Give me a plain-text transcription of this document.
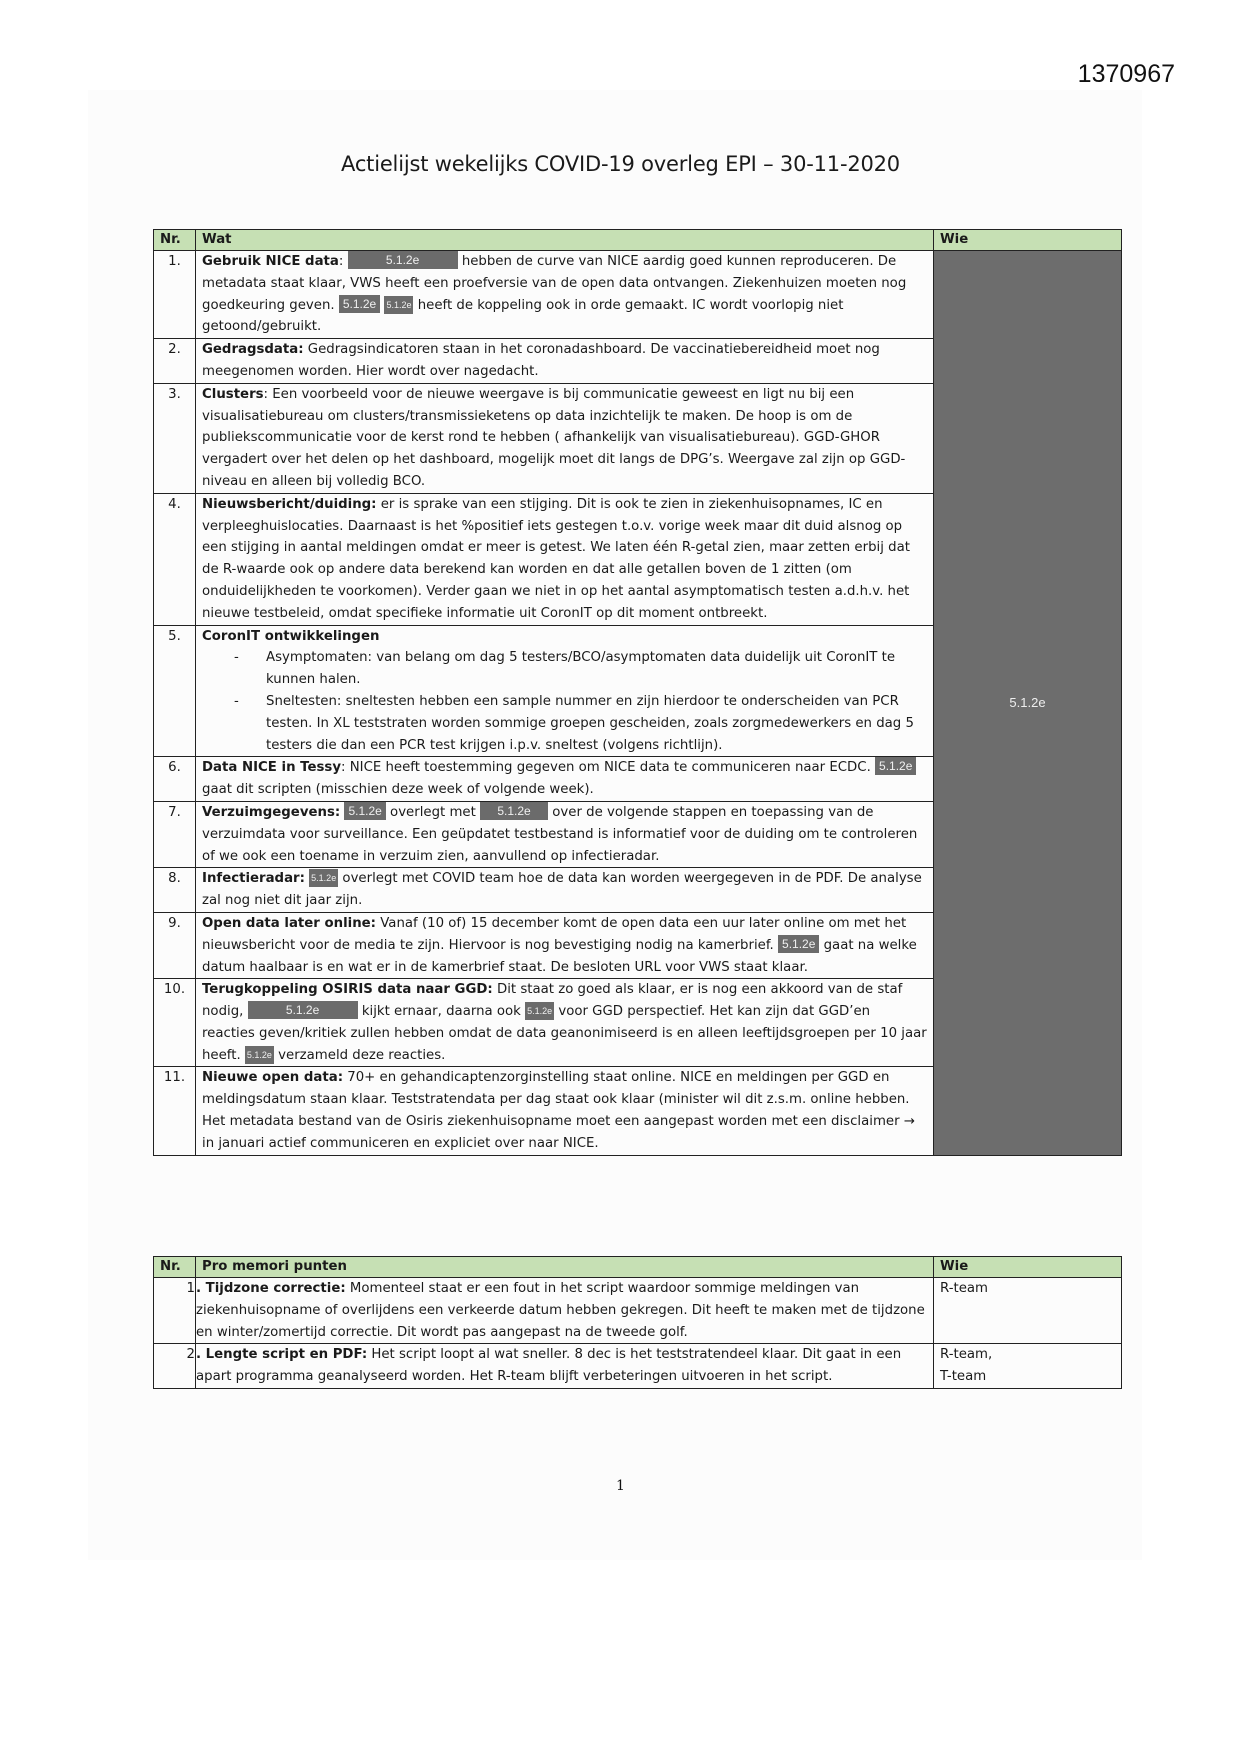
1370967
Actielijst wekelijks COVID-19 overleg EPI – 30-11-2020
Nr.	Wat	Wie
1.	Gebruik NICE data: 5.1.2e hebben de curve van NICE aardig goed kunnen reproduceren. De metadata staat klaar, VWS heeft een proefversie van de open data ontvangen. Ziekenhuizen moeten nog goedkeuring geven. 5.1.2e 5.1.2e heeft de koppeling ook in orde gemaakt. IC wordt voorlopig niet getoond/gebruikt.	5.1.2e
2.	Gedragsdata: Gedragsindicatoren staan in het coronadashboard. De vaccinatiebereidheid moet nog meegenomen worden. Hier wordt over nagedacht.	
3.	Clusters: Een voorbeeld voor de nieuwe weergave is bij communicatie geweest en ligt nu bij een visualisatiebureau om clusters/transmissieketens op data inzichtelijk te maken. De hoop is om de publiekscommunicatie voor de kerst rond te hebben ( afhankelijk van visualisatiebureau). GGD-GHOR vergadert over het delen op het dashboard, mogelijk moet dit langs de DPG’s. Weergave zal zijn op GGD-niveau en alleen bij volledig BCO.	
4.	Nieuwsbericht/duiding: er is sprake van een stijging. Dit is ook te zien in ziekenhuisopnames, IC en verpleeghuislocaties. Daarnaast is het %positief iets gestegen t.o.v. vorige week maar dit duid alsnog op een stijging in aantal meldingen omdat er meer is getest. We laten één R-getal zien, maar zetten erbij dat de R-waarde ook op andere data berekend kan worden en dat alle getallen boven de 1 zitten (om onduidelijkheden te voorkomen). Verder gaan we niet in op het aantal asymptomatisch testen a.d.h.v. het nieuwe testbeleid, omdat specifieke informatie uit CoronIT op dit moment ontbreekt.	
5.	CoronIT ontwikkelingen
- Asymptomaten: van belang om dag 5 testers/BCO/asymptomaten data duidelijk uit CoronIT te kunnen halen.
- Sneltesten: sneltesten hebben een sample nummer en zijn hierdoor te onderscheiden van PCR testen. In XL teststraten worden sommige groepen gescheiden, zoals zorgmedewerkers en dag 5 testers die dan een PCR test krijgen i.p.v. sneltest (volgens richtlijn).

6.	Data NICE in Tessy: NICE heeft toestemming gegeven om NICE data te communiceren naar ECDC. 5.1.2e gaat dit scripten (misschien deze week of volgende week).	
7.	Verzuimgegevens: 5.1.2e overlegt met 5.1.2e over de volgende stappen en toepassing van de verzuimdata voor surveillance. Een geüpdatet testbestand is informatief voor de duiding om te controleren of we ook een toename in verzuim zien, aanvullend op infectieradar.	
8.	Infectieradar: 5.1.2e overlegt met COVID team hoe de data kan worden weergegeven in de PDF. De analyse zal nog niet dit jaar zijn.	
9.	Open data later online: Vanaf (10 of) 15 december komt de open data een uur later online om met het nieuwsbericht voor de media te zijn. Hiervoor is nog bevestiging nodig na kamerbrief. 5.1.2e gaat na welke datum haalbaar is en wat er in de kamerbrief staat. De besloten URL voor VWS staat klaar.	
10.	Terugkoppeling OSIRIS data naar GGD: Dit staat zo goed als klaar, er is nog een akkoord van de staf nodig, 5.1.2e kijkt ernaar, daarna ook 5.1.2e voor GGD perspectief. Het kan zijn dat GGD’en reacties geven/kritiek zullen hebben omdat de data geanonimiseerd is en alleen leeftijdsgroepen per 10 jaar heeft. 5.1.2e verzameld deze reacties.	
11.	Nieuwe open data: 70+ en gehandicaptenzorginstelling staat online. NICE en meldingen per GGD en meldingsdatum staan klaar. Teststratendata per dag staat ook klaar (minister wil dit z.s.m. online hebben. Het metadata bestand van de Osiris ziekenhuisopname moet een aangepast worden met een disclaimer → in januari actief communiceren en expliciet over naar NICE.	
Nr.	Pro memori punten	Wie
1	. Tijdzone correctie: Momenteel staat er een fout in het script waardoor sommige meldingen van ziekenhuisopname of overlijdens een verkeerde datum hebben gekregen. Dit heeft te maken met de tijdzone en winter/zomertijd correctie. Dit wordt pas aangepast na de tweede golf.	R-team
2	. Lengte script en PDF: Het script loopt al wat sneller. 8 dec is het teststratendeel klaar. Dit gaat in een apart programma geanalyseerd worden. Het R-team blijft verbeteringen uitvoeren in het script.	R-team,
T-team
1
